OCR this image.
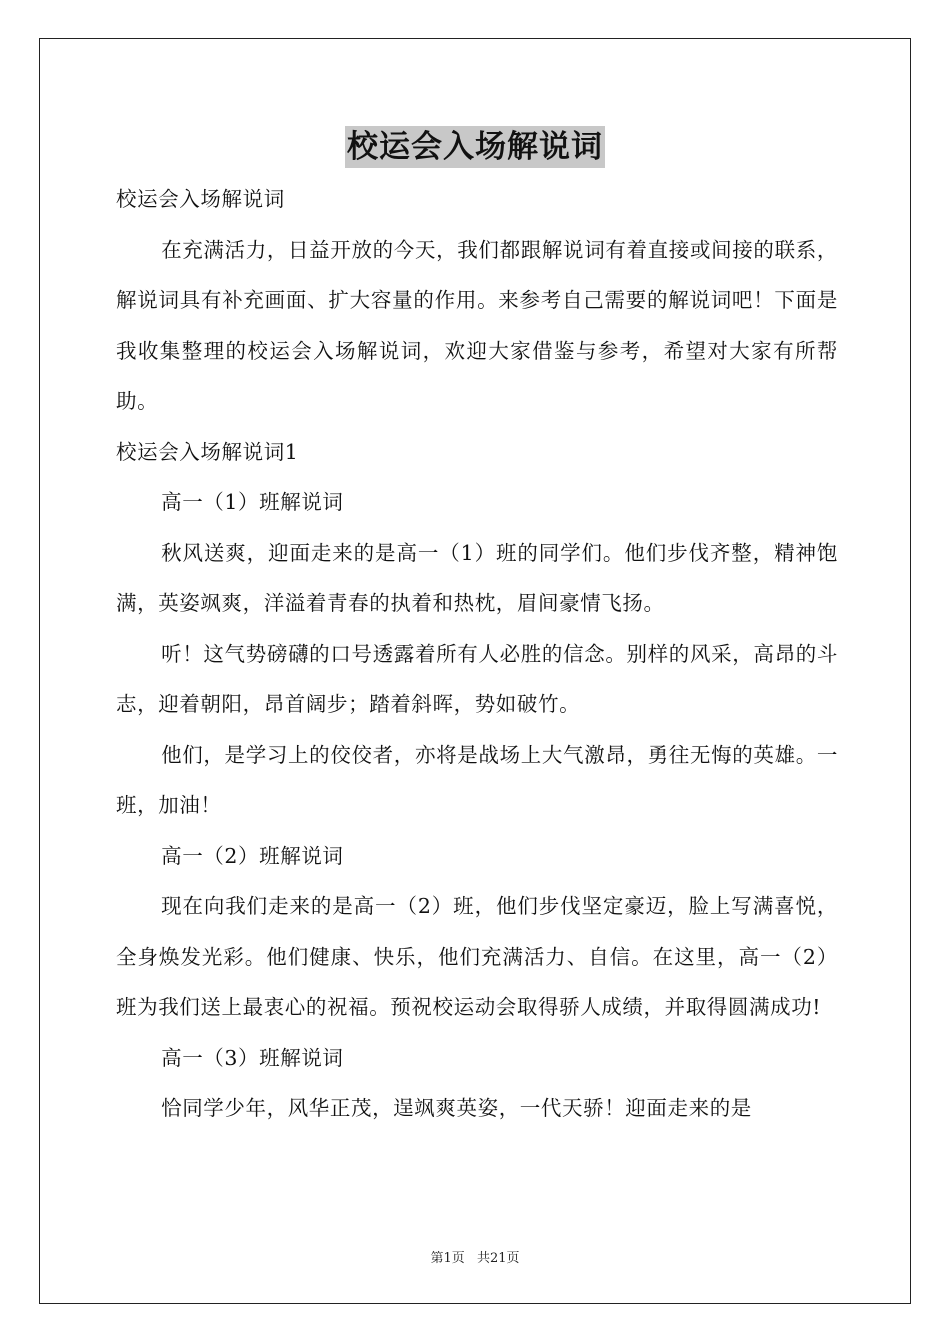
校运会入场解说词

校运会入场解说词

在充满活力，日益开放的今天，我们都跟解说词有着直接或间接的联系，解说词具有补充画面、扩大容量的作用。来参考自己需要的解说词吧！下面是我收集整理的校运会入场解说词，欢迎大家借鉴与参考，希望对大家有所帮助。

校运会入场解说词1

高一（1）班解说词

秋风送爽，迎面走来的是高一（1）班的同学们。他们步伐齐整，精神饱满，英姿飒爽，洋溢着青春的执着和热枕，眉间豪情飞扬。

听！这气势磅礴的口号透露着所有人必胜的信念。别样的风采，高昂的斗志，迎着朝阳，昂首阔步；踏着斜晖，势如破竹。

他们，是学习上的佼佼者，亦将是战场上大气激昂，勇往无悔的英雄。一班，加油！

高一（2）班解说词

现在向我们走来的是高一（2）班，他们步伐坚定豪迈，脸上写满喜悦，全身焕发光彩。他们健康、快乐，他们充满活力、自信。在这里，高一（2）班为我们送上最衷心的祝福。预祝校运动会取得骄人成绩，并取得圆满成功!

高一（3）班解说词

恰同学少年，风华正茂，逞飒爽英姿，一代天骄！迎面走来的是

第1页 共21页
